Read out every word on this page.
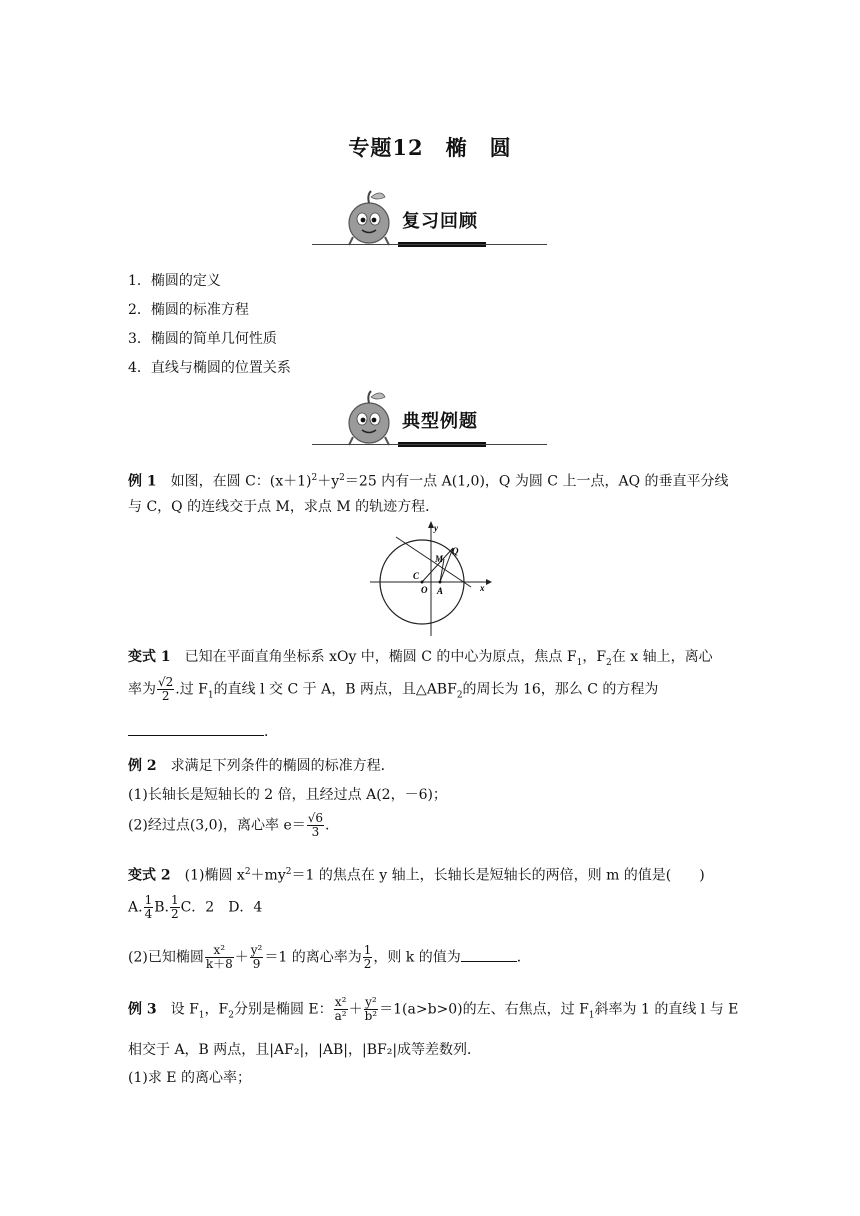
专题12　椭　圆
复习回顾
1．椭圆的定义
2．椭圆的标准方程
3．椭圆的简单几何性质
4．直线与椭圆的位置关系
典型例题
例 1　如图，在圆 C：$(x+1)^2+y^2=25$ 内有一点 A(1,0)，Q 为圆 C 上一点，AQ 的垂直平分线
与 C，Q 的连线交于点 M，求点 M 的轨迹方程．
y
x
M
Q
C
O A
变式 1　已知在平面直角坐标系 xOy 中，椭圆 C 的中心为原点，焦点 $F_1$，$F_2$在 x 轴上，离心
率为 $\frac{√2}{2}$ .过 $F_1$的直线 l 交 C 于 A，B 两点，且$\triangle ABF_2$的周长为 16，那么 C 的方程为
．
例 2　求满足下列条件的椭圆的标准方程．
(1)长轴长是短轴长的 2 倍，且经过点 A(2，－6)；
(2)经过点(3,0)，离心率 $e= \frac{√6}{3}$ .
变式 2　(1)椭圆 $x^2+my^2=1$ 的焦点在 y 轴上，长轴长是短轴长的两倍，则 m 的值是(　　)
A. $\frac{1}{4} B$. $\frac{1}{2}$ C．2　D．4
(2)已知椭圆 $\frac{\text{x²}}{k+8} + \frac{\text{y²}}{9} =1$ 的离心率为 $\frac{1}{2}$ ，则 k 的值为	．
例 3　设 $F_1$，$F_2$分别是椭圆 E： $\frac{\text{x²}}{\text{a²}} + \frac{\text{y²}}{\text{b²}} =1(a>b>0)$的左、右焦点，过 $F_1$斜率为 1 的直线 l 与 E
相交于 A，B 两点，且|AF₂|，|AB|，|BF₂|成等差数列．
(1)求 E 的离心率；
